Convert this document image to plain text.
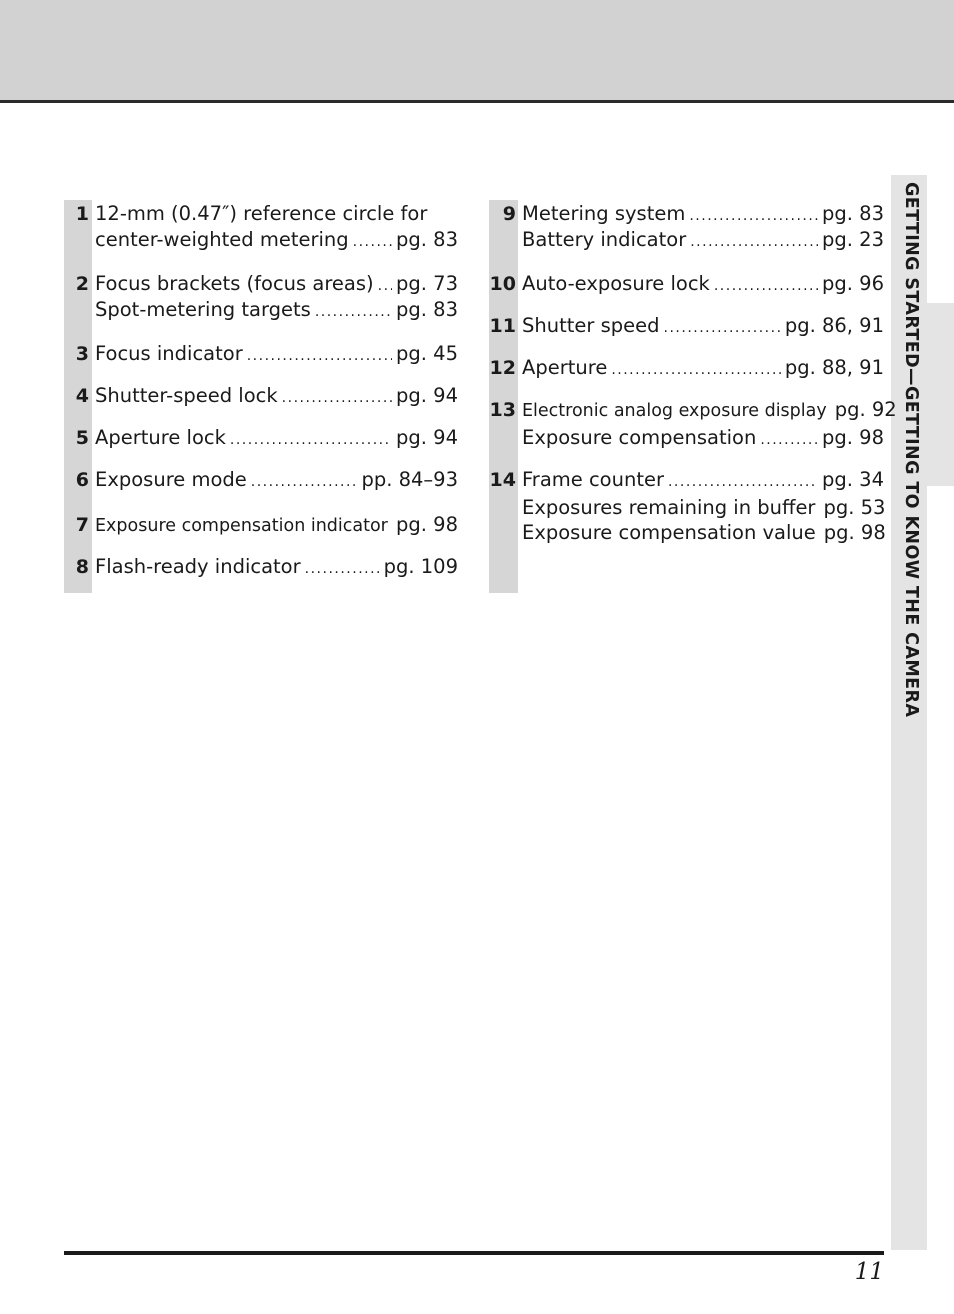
GETTING STARTED—GETTING TO KNOW THE CAMERA
1 12-mm (0.47″) reference circle for
center-weighted metering ..... pg. 83
2 Focus brackets (focus areas) ..... pg. 73
Spot-metering targets .....	pg. 83
3 Focus indicator .....	pg. 45
4 Shutter-speed lock .....	pg. 94
5 Aperture lock .....	pg. 94
6 Exposure mode .....	pp. 84–93
7 Exposure compensation indicator ..... pg. 98
8 Flash-ready indicator .....	pg. 109
9 Metering system .....	pg. 83
Battery indicator .....	pg. 23
10 Auto-exposure lock .....	pg. 96
11 Shutter speed .....	pg. 86, 91
12 Aperture .....	pg. 88, 91
13 Electronic analog exposure display pg. 92
Exposure compensation .....	pg. 98
14 Frame counter .....	pg. 34
Exposures remaining in buffer pg. 53
Exposure compensation value pg. 98
11
